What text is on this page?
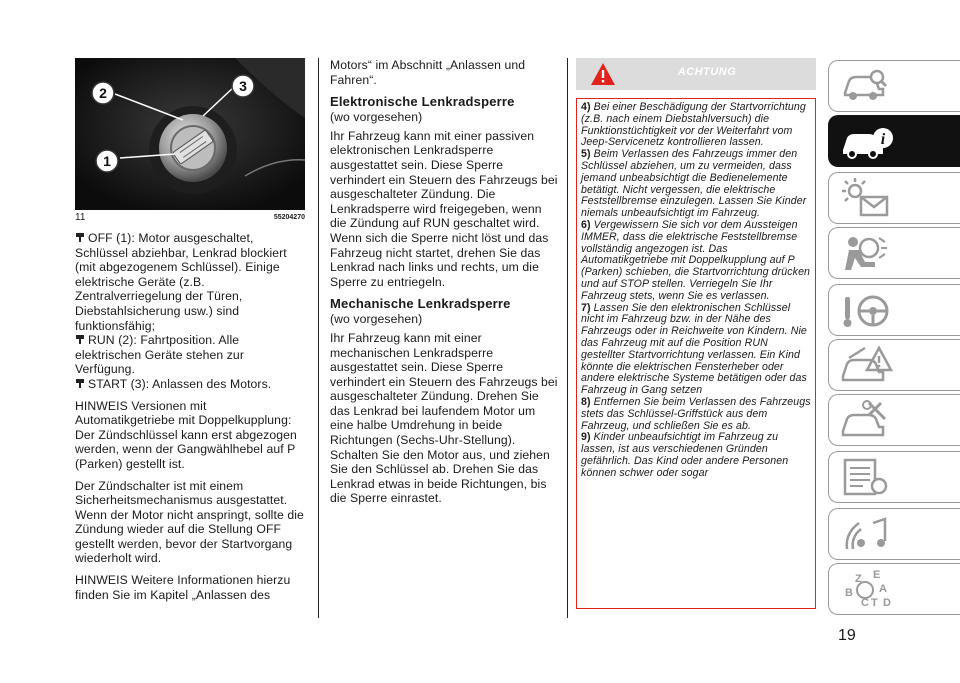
1
2	3
11	55204270

OFF (1): Motor ausgeschaltet, Schlüssel abziehbar, Lenkrad blockiert (mit abgezogenem Schlüssel). Einige elektrische Geräte (z.B. Zentralverriegelung der Türen, Diebstahlsicherung usw.) sind funktionsfähig;

RUN (2): Fahrtposition. Alle elektrischen Geräte stehen zur Verfügung.

START (3): Anlassen des Motors.

HINWEIS Versionen mit Automatikgetriebe mit Doppelkupplung: Der Zündschlüssel kann erst abgezogen werden, wenn der Gangwählhebel auf P (Parken) gestellt ist.

Der Zündschalter ist mit einem Sicherheitsmechanismus ausgestattet. Wenn der Motor nicht anspringt, sollte die Zündung wieder auf die Stellung OFF gestellt werden, bevor der Startvorgang wiederholt wird.

HINWEIS Weitere Informationen hierzu finden Sie im Kapitel „Anlassen des

Motors“ im Abschnitt „Anlassen und Fahren“.

Elektronische Lenkradsperre

(wo vorgesehen)

Ihr Fahrzeug kann mit einer passiven elektronischen Lenkradsperre ausgestattet sein. Diese Sperre verhindert ein Steuern des Fahrzeugs bei ausgeschalteter Zündung. Die Lenkradsperre wird freigegeben, wenn die Zündung auf RUN geschaltet wird. Wenn sich die Sperre nicht löst und das Fahrzeug nicht startet, drehen Sie das Lenkrad nach links und rechts, um die Sperre zu entriegeln.

Mechanische Lenkradsperre

(wo vorgesehen)

Ihr Fahrzeug kann mit einer mechanischen Lenkradsperre ausgestattet sein. Diese Sperre verhindert ein Steuern des Fahrzeugs bei ausgeschalteter Zündung. Drehen Sie das Lenkrad bei laufendem Motor um eine halbe Umdrehung in beide Richtungen (Sechs-Uhr-Stellung). Schalten Sie den Motor aus, und ziehen Sie den Schlüssel ab. Drehen Sie das Lenkrad etwas in beide Richtungen, bis die Sperre einrastet.

ACHTUNG

4) Bei einer Beschädigung der Startvorrichtung (z.B. nach einem Diebstahlversuch) die Funktionstüchtigkeit vor der Weiterfahrt vom Jeep-Servicenetz kontrollieren lassen.

5) Beim Verlassen des Fahrzeugs immer den Schlüssel abziehen, um zu vermeiden, dass jemand unbeabsichtigt die Bedienelemente betätigt. Nicht vergessen, die elektrische Feststellbremse einzulegen. Lassen Sie Kinder niemals unbeaufsichtigt im Fahrzeug.

6) Vergewissern Sie sich vor dem Aussteigen IMMER, dass die elektrische Feststellbremse vollständig angezogen ist. Das Automatikgetriebe mit Doppelkupplung auf P (Parken) schieben, die Startvorrichtung drücken und auf STOP stellen. Verriegeln Sie Ihr Fahrzeug stets, wenn Sie es verlassen.

7) Lassen Sie den elektronischen Schlüssel nicht im Fahrzeug bzw. in der Nähe des Fahrzeugs oder in Reichweite von Kindern. Nie das Fahrzeug mit auf die Position RUN gestellter Startvorrichtung verlassen. Ein Kind könnte die elektrischen Fensterheber oder andere elektrische Systeme betätigen oder das Fahrzeug in Gang setzen

8) Entfernen Sie beim Verlassen des Fahrzeugs stets das Schlüssel-Griffstück aus dem Fahrzeug, und schließen Sie es ab.

9) Kinder unbeaufsichtigt im Fahrzeug zu lassen, ist aus verschiedenen Gründen gefährlich. Das Kind oder andere Personen können schwer oder sogar

i
Z E
B A
C T D
19
